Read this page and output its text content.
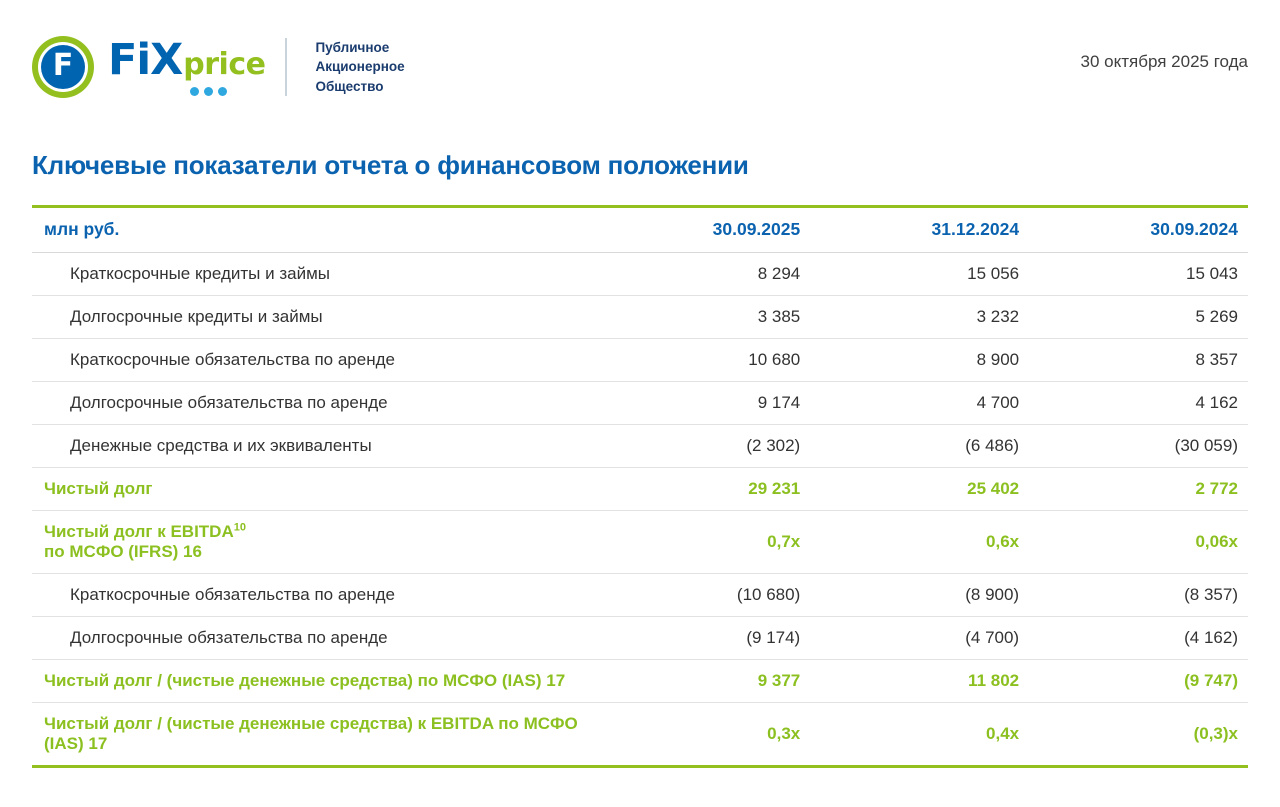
F FiX price	Публичное
Акционерное
Общество
30 октября 2025 года
Ключевые показатели отчета о финансовом положении
млн руб.	30.09.2025	31.12.2024	30.09.2024
Краткосрочные кредиты и займы	8 294	15 056	15 043
Долгосрочные кредиты и займы	3 385	3 232	5 269
Краткосрочные обязательства по аренде	10 680	8 900	8 357
Долгосрочные обязательства по аренде	9 174	4 700	4 162
Денежные средства и их эквиваленты	(2 302)	(6 486)	(30 059)
Чистый долг	29 231	25 402	2 772
Чистый долг к EBITDA$^{10}$
по МСФО (IFRS) 16	0,7x	0,6x	0,06x
Краткосрочные обязательства по аренде	(10 680)	(8 900)	(8 357)
Долгосрочные обязательства по аренде	(9 174)	(4 700)	(4 162)
Чистый долг / (чистые денежные средства) по МСФО (IAS) 17	9 377	11 802	(9 747)
Чистый долг / (чистые денежные средства) к EBITDA по МСФО (IAS) 17	0,3x	0,4x	(0,3)x
